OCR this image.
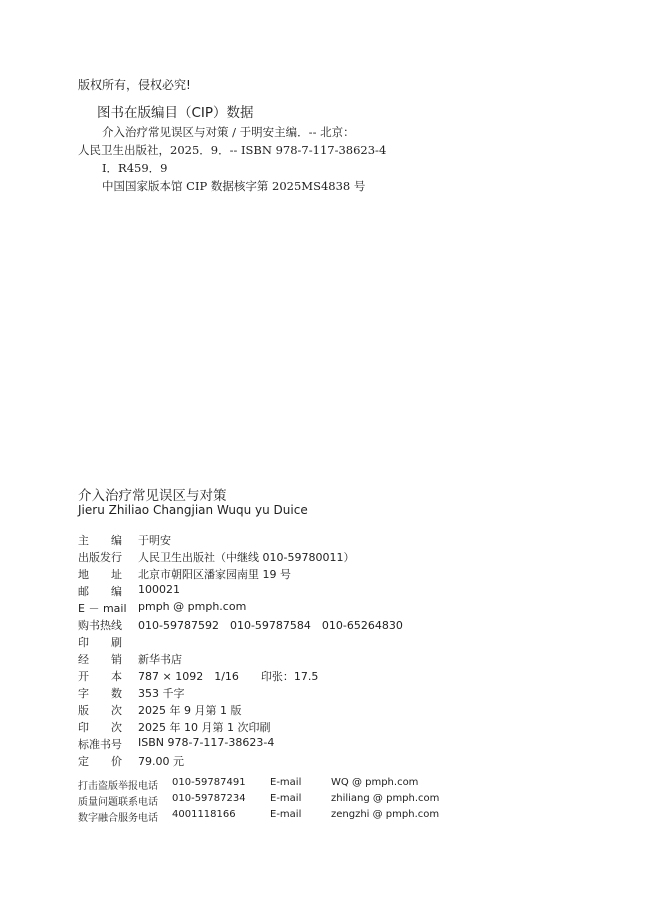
版权所有，侵权必究!
图书在版编目（CIP）数据
介入治疗常见误区与对策 / 于明安主编．-- 北京：
人民卫生出版社，2025．9．-- ISBN 978-7-117-38623-4
Ⅰ．R459．9
中国国家版本馆 CIP 数据核字第 2025MS4838 号
介入治疗常见误区与对策
Jieru Zhiliao Changjian Wuqu yu Duice
主　　编	于明安
出版发行	人民卫生出版社（中继线 010-59780011）
地　　址	北京市朝阳区潘家园南里 19 号
邮　　编	100021
E － mail	pmph @ pmph.com
购书热线	010-59787592　010-59787584　010-65264830
印　　刷
经　　销	新华书店
开　　本	787 × 1092　1/16　　印张：17.5
字　　数	353 千字
版　　次	2025 年 9 月第 1 版
印　　次	2025 年 10 月第 1 次印刷
标准书号	ISBN 978-7-117-38623-4
定　　价	79.00 元
打击盗版举报电话 010-59787491 E-mail	WQ @ pmph.com
质量问题联系电话 010-59787234 E-mail	zhiliang @ pmph.com
数字融合服务电话 4001118166	E-mail	zengzhi @ pmph.com
